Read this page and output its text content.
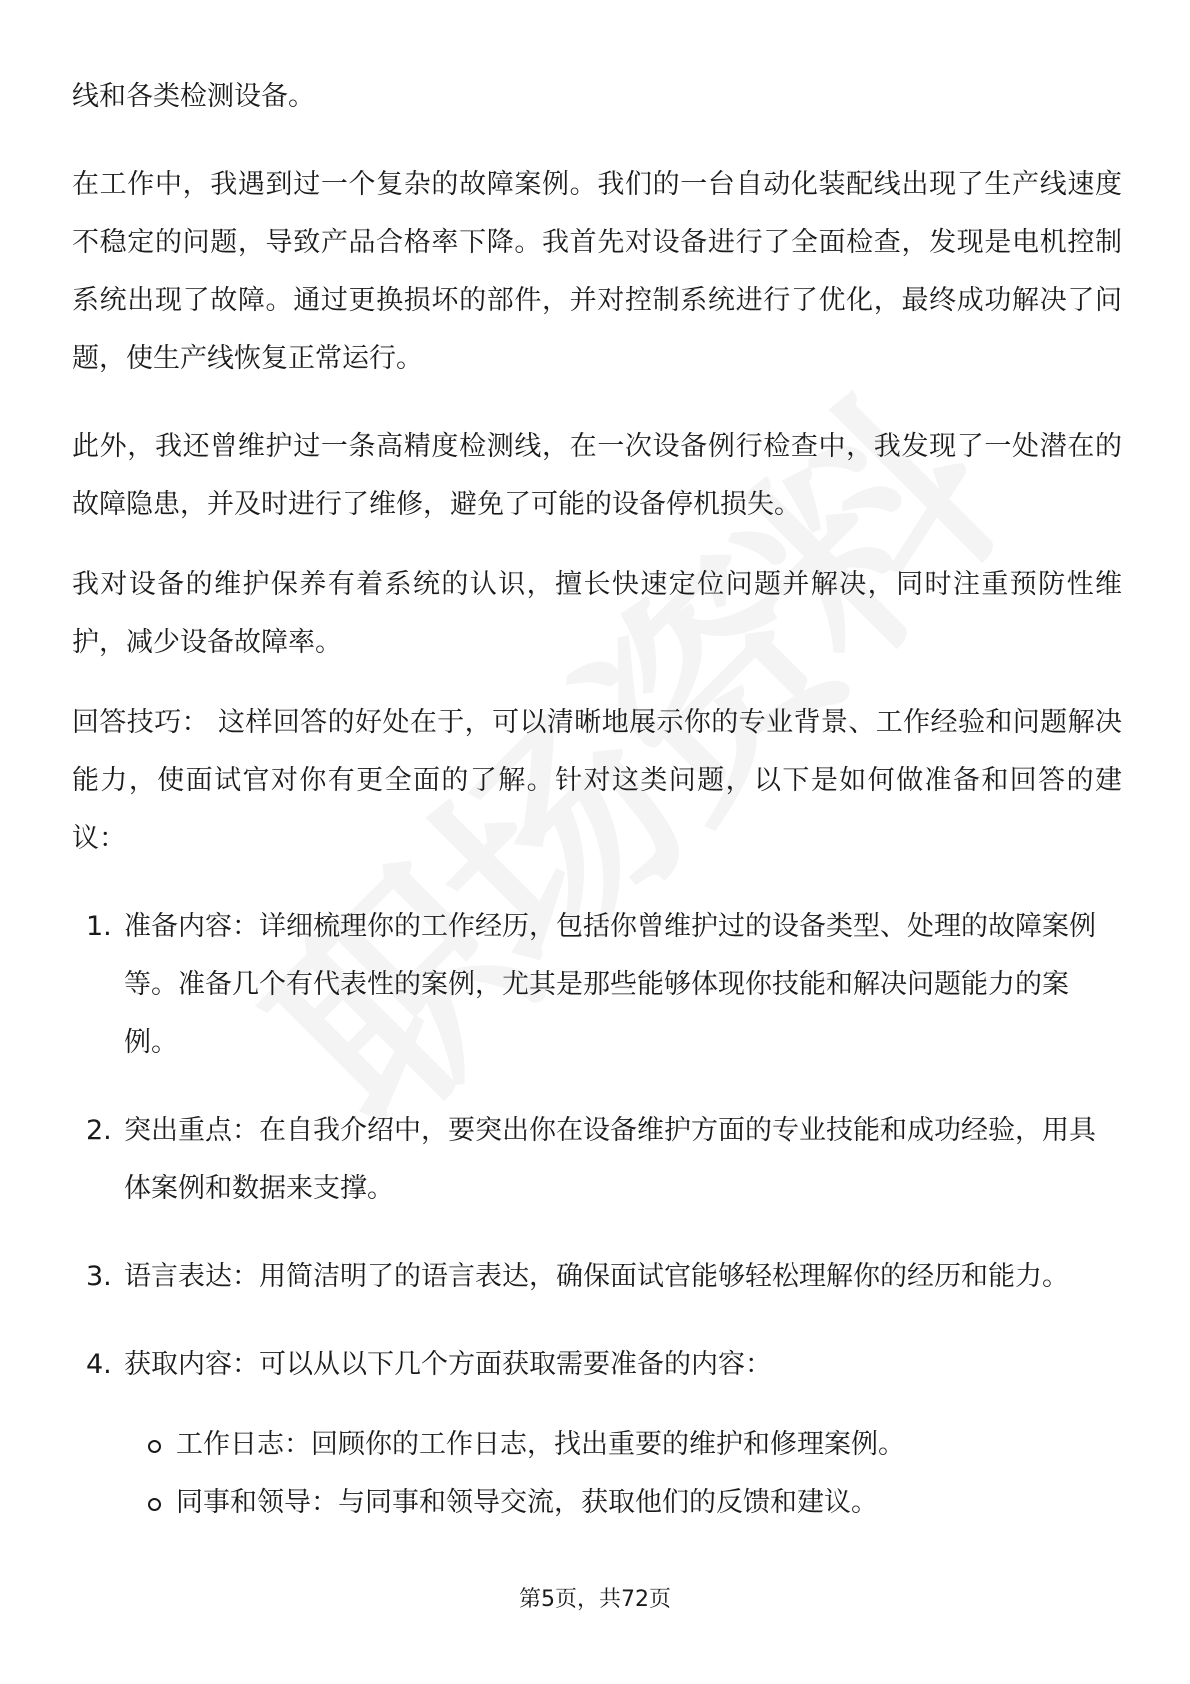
线和各类检测设备。

在工作中，我遇到过一个复杂的故障案例。我们的一台自动化装配线出现了生产线速度不稳定的问题，导致产品合格率下降。我首先对设备进行了全面检查，发现是电机控制系统出现了故障。通过更换损坏的部件，并对控制系统进行了优化，最终成功解决了问题，使生产线恢复正常运行。

此外，我还曾维护过一条高精度检测线，在一次设备例行检查中，我发现了一处潜在的故障隐患，并及时进行了维修，避免了可能的设备停机损失。

我对设备的维护保养有着系统的认识，擅长快速定位问题并解决，同时注重预防性维护，减少设备故障率。

回答技巧： 这样回答的好处在于，可以清晰地展示你的专业背景、工作经验和问题解决能力，使面试官对你有更全面的了解。针对这类问题，以下是如何做准备和回答的建议：

1. 准备内容：详细梳理你的工作经历，包括你曾维护过的设备类型、处理的故障案例等。准备几个有代表性的案例，尤其是那些能够体现你技能和解决问题能力的案例。
2. 突出重点：在自我介绍中，要突出你在设备维护方面的专业技能和成功经验，用具体案例和数据来支撑。
3. 语言表达：用简洁明了的语言表达，确保面试官能够轻松理解你的经历和能力。
4. 获取内容：可以从以下几个方面获取需要准备的内容：
工作日志：回顾你的工作日志，找出重要的维护和修理案例。
同事和领导：与同事和领导交流，获取他们的反馈和建议。
第5页，共72页
